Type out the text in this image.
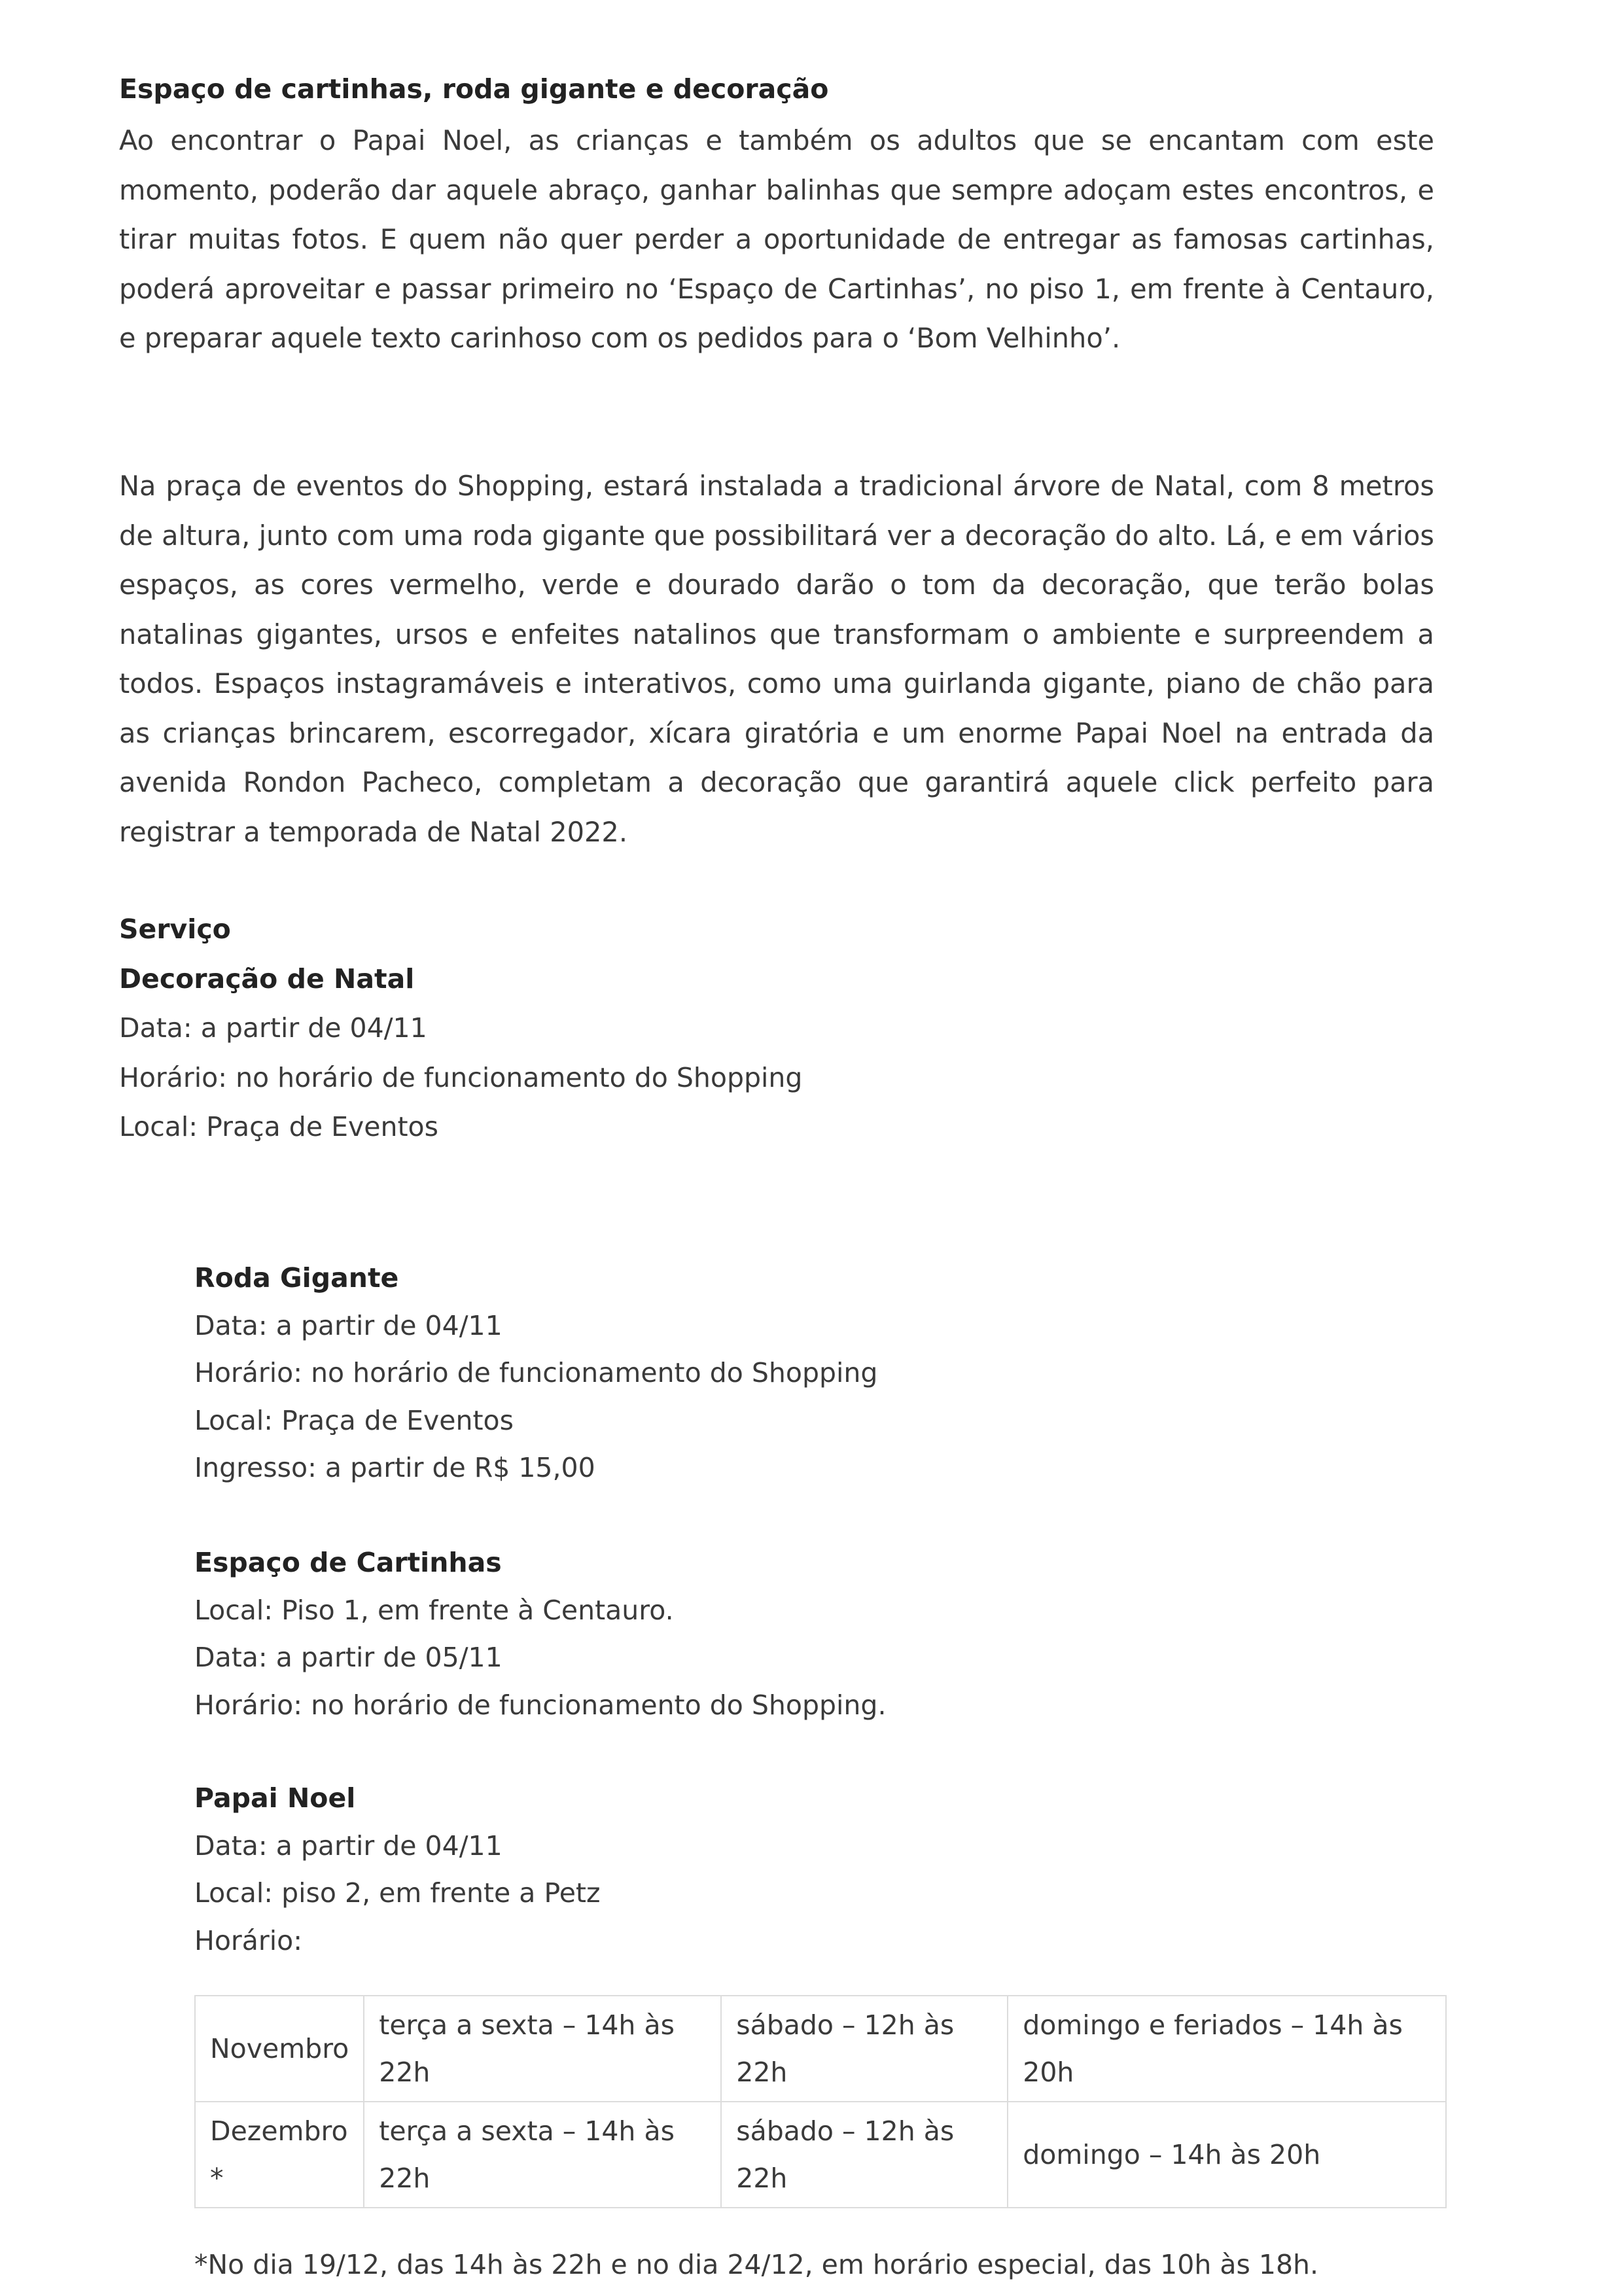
Espaço de cartinhas, roda gigante e decoração

Ao encontrar o Papai Noel, as crianças e também os adultos que se encantam com este momento, poderão dar aquele abraço, ganhar balinhas que sempre adoçam estes encontros, e tirar muitas fotos. E quem não quer perder a oportunidade de entregar as famosas cartinhas, poderá aproveitar e passar primeiro no ‘Espaço de Cartinhas’, no piso 1, em frente à Centauro, e preparar aquele texto carinhoso com os pedidos para o ‘Bom Velhinho’.

Na praça de eventos do Shopping, estará instalada a tradicional árvore de Natal, com 8 metros de altura, junto com uma roda gigante que possibilitará ver a decoração do alto. Lá, e em vários espaços, as cores vermelho, verde e dourado darão o tom da decoração, que terão bolas natalinas gigantes, ursos e enfeites natalinos que transformam o ambiente e surpreendem a todos. Espaços instagramáveis e interativos, como uma guirlanda gigante, piano de chão para as crianças brincarem, escorregador, xícara giratória e um enorme Papai Noel na entrada da avenida Rondon Pacheco, completam a decoração que garantirá aquele click perfeito para registrar a temporada de Natal 2022.

Serviço
Decoração de Natal
Data: a partir de 04/11
Horário: no horário de funcionamento do Shopping
Local: Praça de Eventos
Roda Gigante
Data: a partir de 04/11
Horário: no horário de funcionamento do Shopping
Local: Praça de Eventos
Ingresso: a partir de R$ 15,00
Espaço de Cartinhas
Local: Piso 1, em frente à Centauro.
Data: a partir de 05/11
Horário: no horário de funcionamento do Shopping.
Papai Noel
Data: a partir de 04/11
Local: piso 2, em frente a Petz
Horário:
Novembro	terça a sexta – 14h às 22h	sábado – 12h às 22h	domingo e feriados – 14h às 20h
Dezembro *	terça a sexta – 14h às 22h	sábado – 12h às 22h	domingo – 14h às 20h

*No dia 19/12, das 14h às 22h e no dia 24/12, em horário especial, das 10h às 18h.
